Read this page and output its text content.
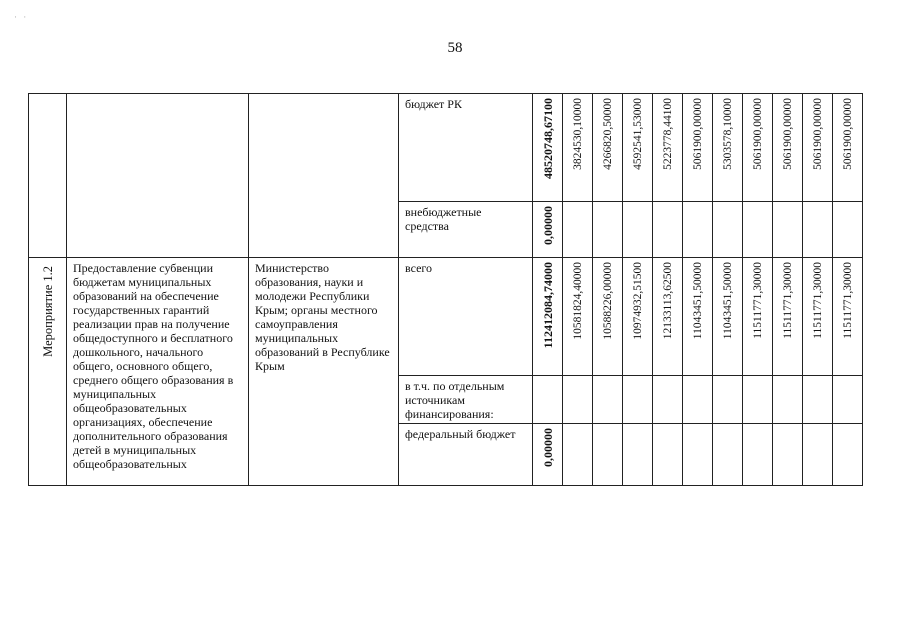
· ·
58

			бюджет РК	48520748,67100	3824530,10000	4266820,50000	4592541,53000	5223778,44100	5061900,00000	5303578,10000	5061900,00000	5061900,00000	5061900,00000	5061900,00000

			внебюджетные средства	0,00000										
Мероприятие 1.2	Предоставление субвенции бюджетам муниципальных образований на обеспечение государственных гарантий реализации прав на получение общедоступного и бесплатного дошкольного, начального общего, основного общего, среднего общего образования в муниципальных общеобразовательных организациях, обеспечение дополнительного образования детей в муниципальных общеобразовательных	Министерство образования, науки и молодежи Республики Крым; органы местного самоуправления муниципальных образований в Республике Крым	всего	112412084,74000	10581824,40000	10588226,00000	10974932,51500	12133113,62500	11043451,50000	11043451,50000	11511771,30000	11511771,30000	11511771,30000	11511771,30000

			в т.ч. по отдельным источникам финансирования:											

			федеральный бюджет	0,00000										
